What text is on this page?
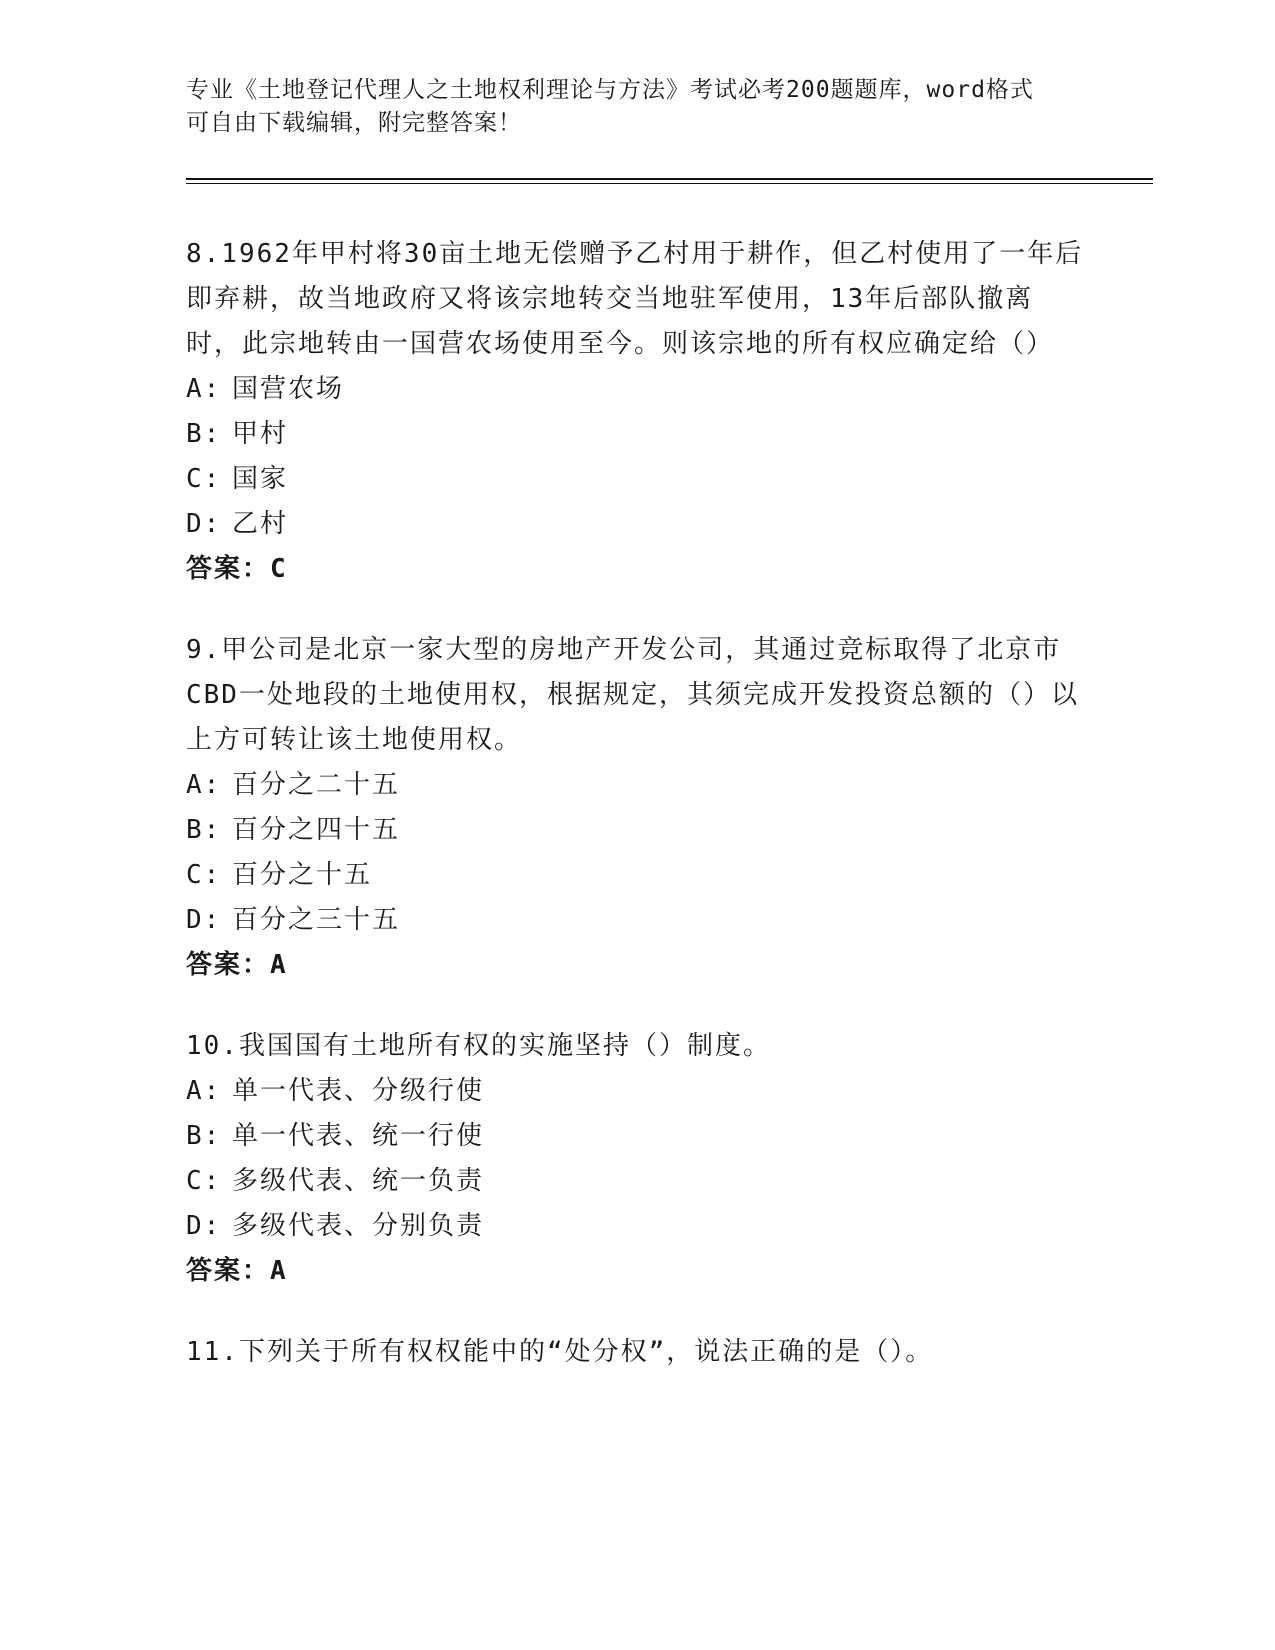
专业《土地登记代理人之土地权利理论与方法》考试必考200题题库，word格式
可自由下载编辑，附完整答案！
8.1962年甲村将30亩土地无偿赠予乙村用于耕作，但乙村使用了一年后即弃耕，故当地政府又将该宗地转交当地驻军使用，13年后部队撤离时，此宗地转由一国营农场使用至今。则该宗地的所有权应确定给（）
A: 国营农场
B: 甲村
C: 国家
D: 乙村
答案：C
9.甲公司是北京一家大型的房地产开发公司，其通过竞标取得了北京市CBD一处地段的土地使用权，根据规定，其须完成开发投资总额的（）以上方可转让该土地使用权。
A: 百分之二十五
B: 百分之四十五
C: 百分之十五
D: 百分之三十五
答案：A
10.我国国有土地所有权的实施坚持（）制度。
A: 单一代表、分级行使
B: 单一代表、统一行使
C: 多级代表、统一负责
D: 多级代表、分别负责
答案：A
11.下列关于所有权权能中的“处分权”，说法正确的是（）。
